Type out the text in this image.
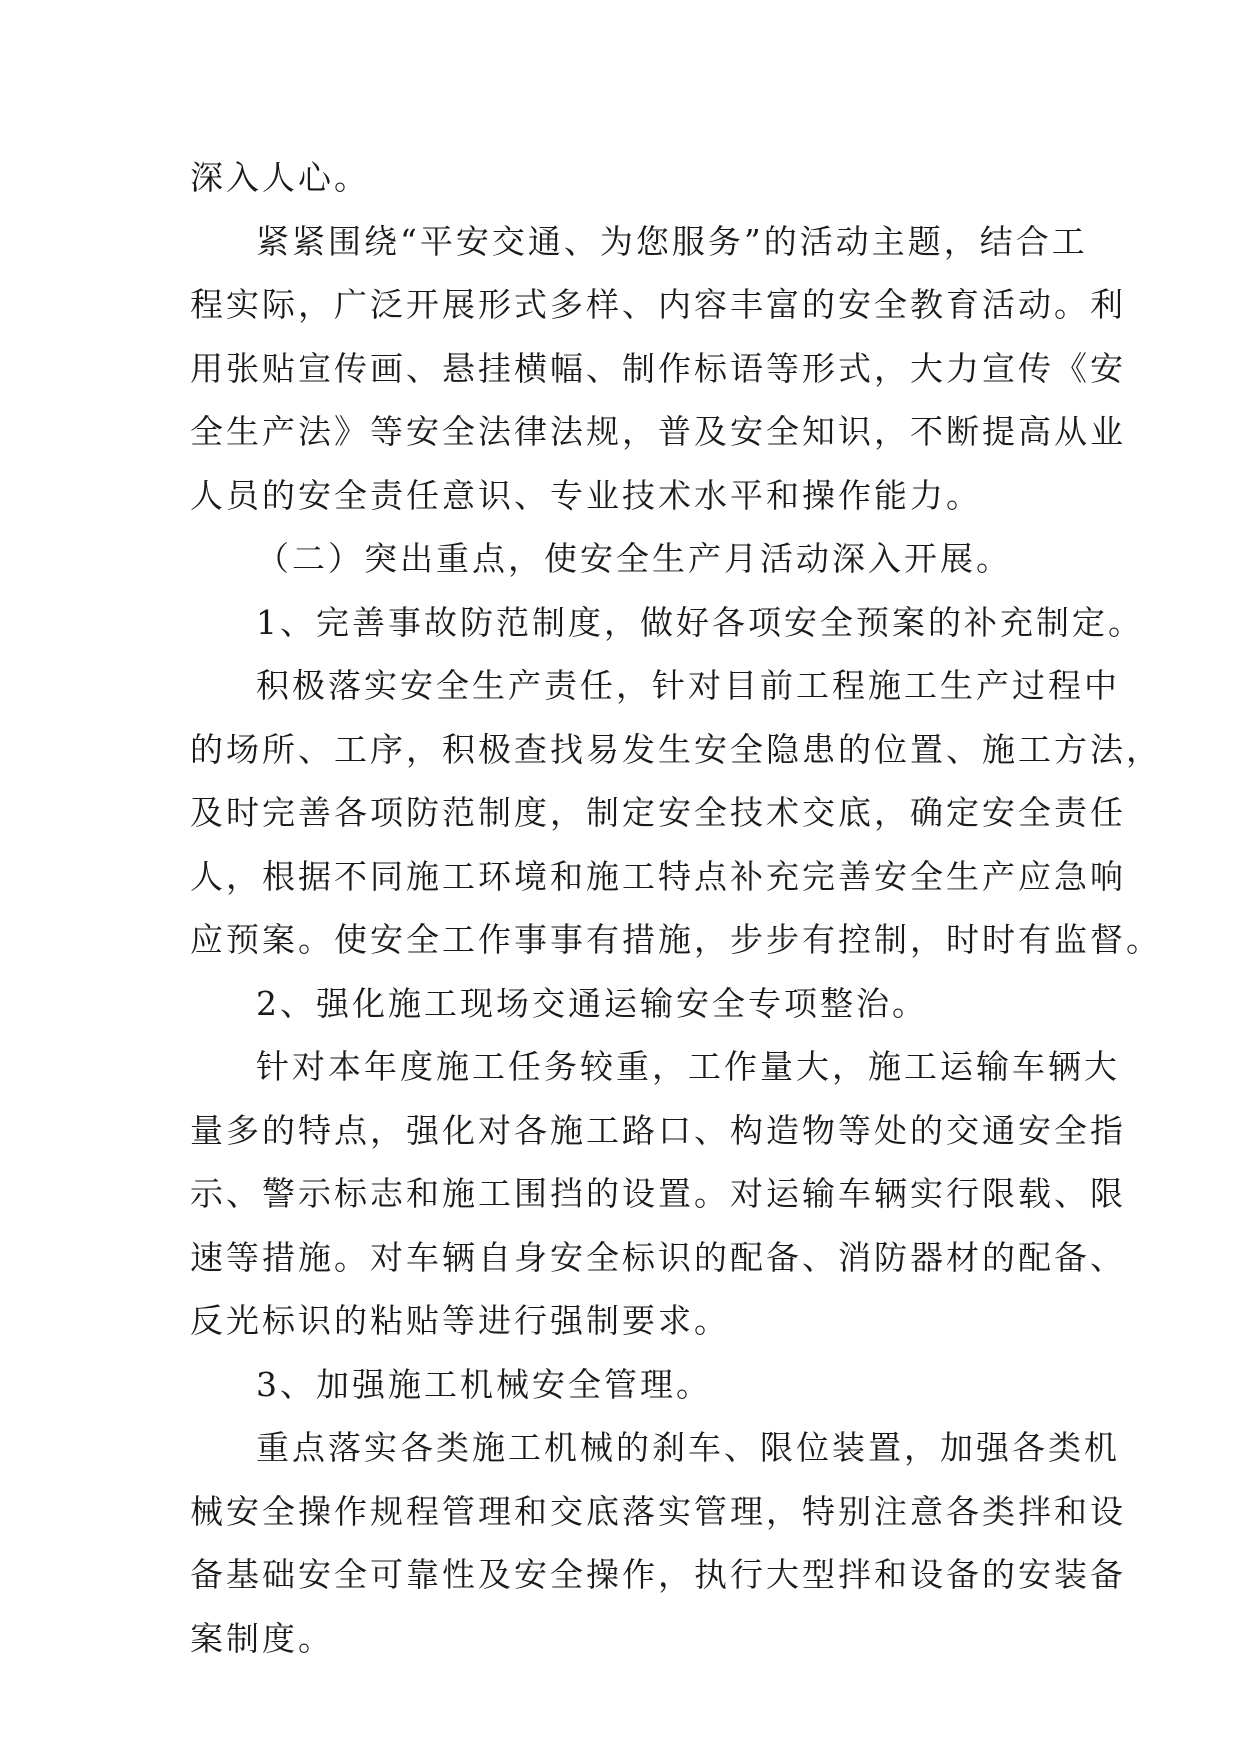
深入人心。
紧紧围绕“平安交通、为您服务”的活动主题，结合工
程实际，广泛开展形式多样、内容丰富的安全教育活动。利
用张贴宣传画、悬挂横幅、制作标语等形式，大力宣传《安
全生产法》等安全法律法规，普及安全知识，不断提高从业
人员的安全责任意识、专业技术水平和操作能力。
（二）突出重点，使安全生产月活动深入开展。
1、完善事故防范制度，做好各项安全预案的补充制定。
积极落实安全生产责任，针对目前工程施工生产过程中
的场所、工序，积极查找易发生安全隐患的位置、施工方法，
及时完善各项防范制度，制定安全技术交底，确定安全责任
人，根据不同施工环境和施工特点补充完善安全生产应急响
应预案。使安全工作事事有措施，步步有控制，时时有监督。
2、强化施工现场交通运输安全专项整治。
针对本年度施工任务较重，工作量大，施工运输车辆大
量多的特点，强化对各施工路口、构造物等处的交通安全指
示、警示标志和施工围挡的设置。对运输车辆实行限载、限
速等措施。对车辆自身安全标识的配备、消防器材的配备、
反光标识的粘贴等进行强制要求。
3、加强施工机械安全管理。
重点落实各类施工机械的刹车、限位装置，加强各类机
械安全操作规程管理和交底落实管理，特别注意各类拌和设
备基础安全可靠性及安全操作，执行大型拌和设备的安装备
案制度。
